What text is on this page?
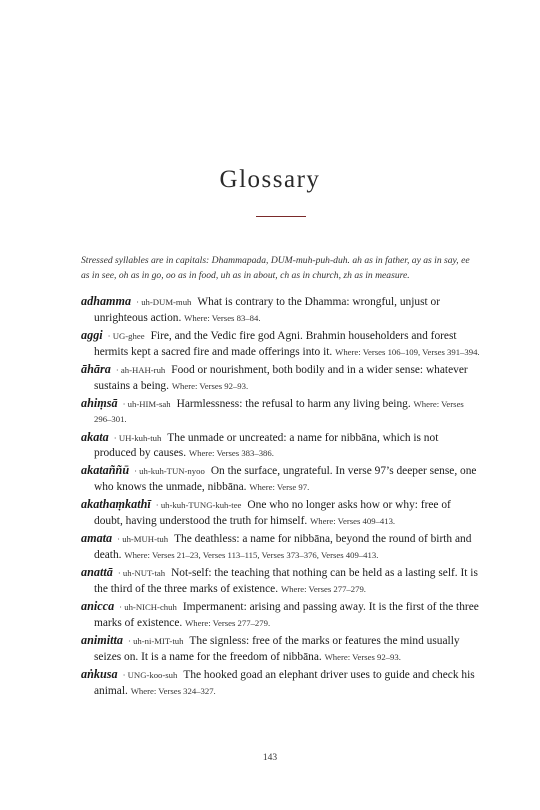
Glossary

Stressed syllables are in capitals: Dhammapada, DUM-muh-puh-duh. ah as in father, ay as in say, ee as in see, oh as in go, oo as in food, uh as in about, ch as in church, zh as in measure.

adhamma · uh-DUM-muh What is contrary to the Dhamma: wrongful, unjust or unrighteous action. Where: Verses 83–84.

aggi · UG-ghee Fire, and the Vedic fire god Agni. Brahmin householders and forest hermits kept a sacred fire and made offerings into it. Where: Verses 106–109, Verses 391–394.

āhāra · ah-HAH-ruh Food or nourishment, both bodily and in a wider sense: whatever sustains a being. Where: Verses 92–93.

ahiṃsā · uh-HIM-sah Harmlessness: the refusal to harm any living being. Where: Verses 296–301.

akata · UH-kuh-tuh The unmade or uncreated: a name for nibbāna, which is not produced by causes. Where: Verses 383–386.

akataññū · uh-kuh-TUN-nyoo On the surface, ungrateful. In verse 97’s deeper sense, one who knows the unmade, nibbāna. Where: Verse 97.

akathaṃkathī · uh-kuh-TUNG-kuh-tee One who no longer asks how or why: free of doubt, having understood the truth for himself. Where: Verses 409–413.

amata · uh-MUH-tuh The deathless: a name for nibbāna, beyond the round of birth and death. Where: Verses 21–23, Verses 113–115, Verses 373–376, Verses 409–413.

anattā · uh-NUT-tah Not-self: the teaching that nothing can be held as a lasting self. It is the third of the three marks of existence. Where: Verses 277–279.

anicca · uh-NICH-chuh Impermanent: arising and passing away. It is the first of the three marks of existence. Where: Verses 277–279.

animitta · uh-ni-MIT-tuh The signless: free of the marks or features the mind usually seizes on. It is a name for the freedom of nibbāna. Where: Verses 92–93.

aṅkusa · UNG-koo-suh The hooked goad an elephant driver uses to guide and check his animal. Where: Verses 324–327.

143
